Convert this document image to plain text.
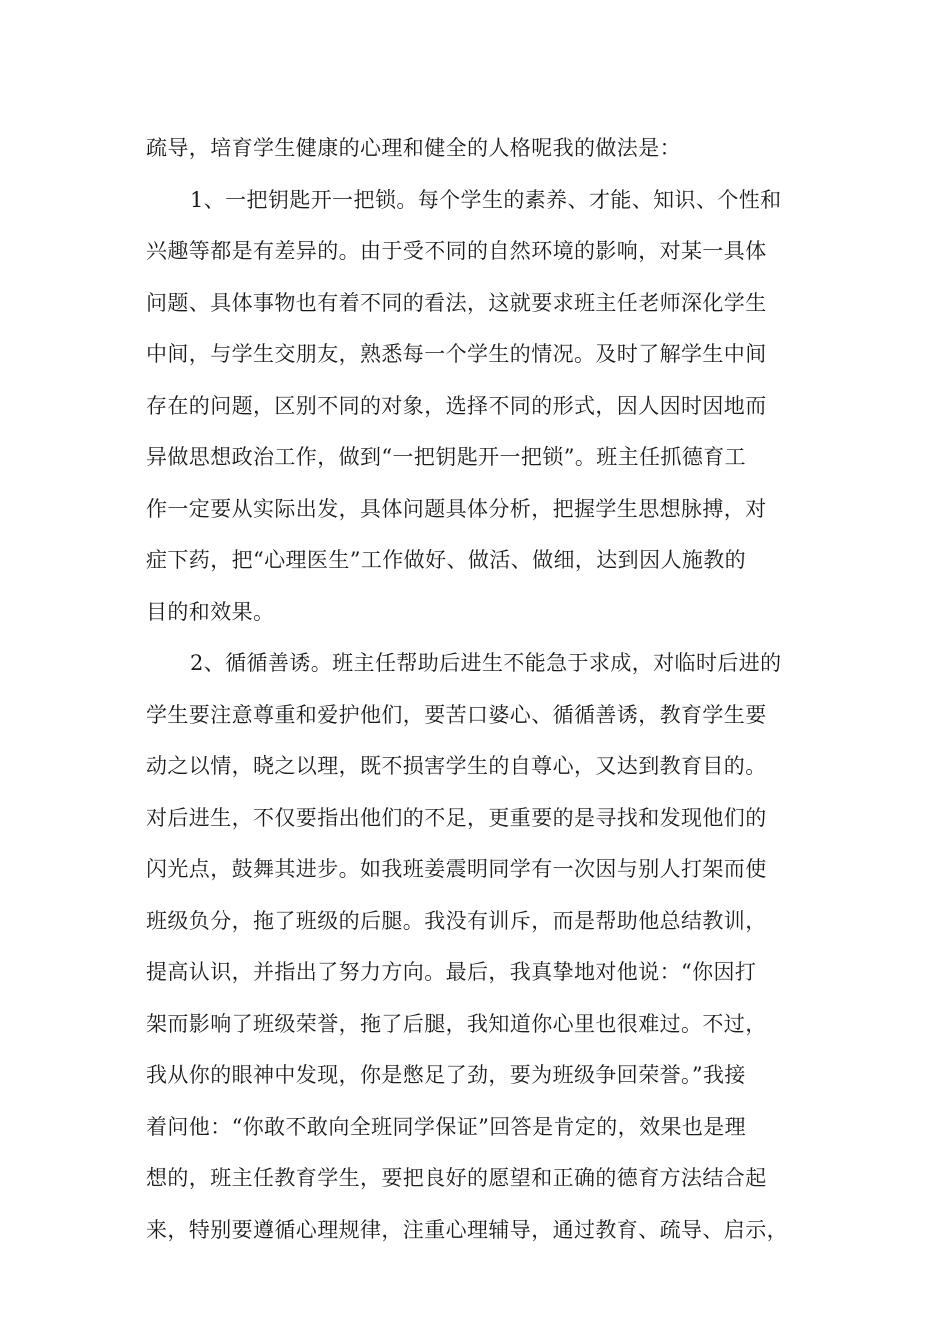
疏导，培育学生健康的心理和健全的人格呢我的做法是：
1、一把钥匙开一把锁。每个学生的素养、才能、知识、个性和
兴趣等都是有差异的。由于受不同的自然环境的影响，对某一具体
问题、具体事物也有着不同的看法，这就要求班主任老师深化学生
中间，与学生交朋友，熟悉每一个学生的情况。及时了解学生中间
存在的问题，区别不同的对象，选择不同的形式，因人因时因地而
异做思想政治工作，做到“一把钥匙开一把锁”。班主任抓德育工
作一定要从实际出发，具体问题具体分析，把握学生思想脉搏，对
症下药，把“心理医生”工作做好、做活、做细，达到因人施教的
目的和效果。
2、循循善诱。班主任帮助后进生不能急于求成，对临时后进的
学生要注意尊重和爱护他们，要苦口婆心、循循善诱，教育学生要
动之以情，晓之以理，既不损害学生的自尊心，又达到教育目的。
对后进生，不仅要指出他们的不足，更重要的是寻找和发现他们的
闪光点，鼓舞其进步。如我班姜震明同学有一次因与别人打架而使
班级负分，拖了班级的后腿。我没有训斥，而是帮助他总结教训，
提高认识，并指出了努力方向。最后，我真挚地对他说：“你因打
架而影响了班级荣誉，拖了后腿，我知道你心里也很难过。不过，
我从你的眼神中发现，你是憋足了劲，要为班级争回荣誉。”我接
着问他：“你敢不敢向全班同学保证”回答是肯定的，效果也是理
想的，班主任教育学生，要把良好的愿望和正确的德育方法结合起
来，特别要遵循心理规律，注重心理辅导，通过教育、疏导、启示，
